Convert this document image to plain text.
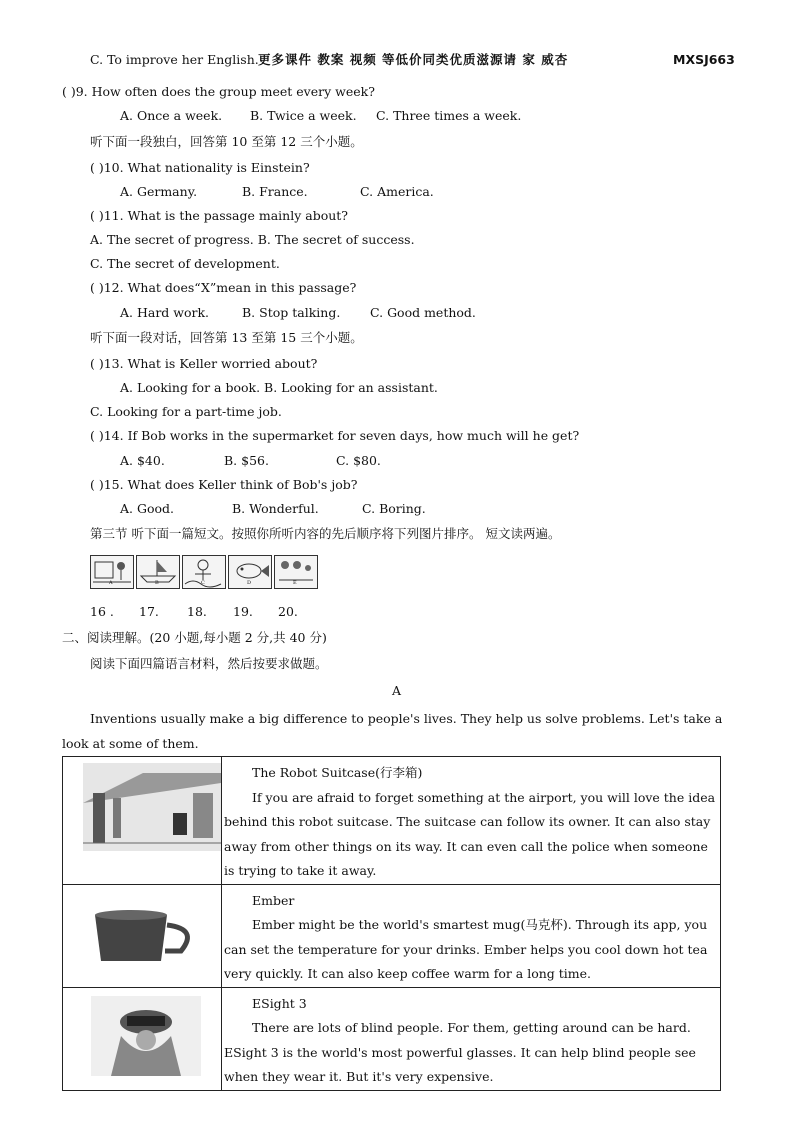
C. To improve her English. 更多课件 教案 视频 等低价同类优质滋源请 家 威杏	MXSJ663
( )9. How often does the group meet every week?
A. Once a week. B. Twice a week. C. Three times a week.
听下面一段独白，回答第 10 至第 12 三个小题。
( )10. What nationality is Einstein?
A. Germany.	B. France.	C. America.
( )11. What is the passage mainly about?
A. The secret of progress. B. The secret of success.
C. The secret of development.
( )12. What does“X”mean in this passage?
A. Hard work.	B. Stop talking. C. Good method.
听下面一段对话，回答第 13 至第 15 三个小题。
( )13. What is Keller worried about?
A. Looking for a book. B. Looking for an assistant.
C. Looking for a part-time job.
( )14. If Bob works in the supermarket for seven days, how much will he get?
A. $40.	B. $56.	C. $80.
( )15. What does Keller think of Bob's job?
A. Good.	B. Wonderful.	C. Boring.
第三节 听下面一篇短文。按照你所听内容的先后顺序将下列图片排序。 短文读两遍。
A	B	C	D	E
16 . 17. 18. 19. 20.
二、阅读理解。(20 小题,每小题 2 分,共 40 分)
阅读下面四篇语言材料，然后按要求做题。
A
Inventions usually make a big difference to people's lives. They help us solve problems. Let's take a look at some of them.

The Robot Suitcase(行李箱)
If you are afraid to forget something at the airport, you will love the idea behind this robot suitcase. The suitcase can follow its owner. It can also stay away from other things on its way. It can even call the police when someone is trying to take it away.

Ember
Ember might be the world's smartest mug(马克杯). Through its app, you can set the temperature for your drinks. Ember helps you cool down hot tea very quickly. It can also keep coffee warm for a long time.

ESight 3
There are lots of blind people. For them, getting around can be hard. ESight 3 is the world's most powerful glasses. It can help blind people see when they wear it. But it's very expensive.
